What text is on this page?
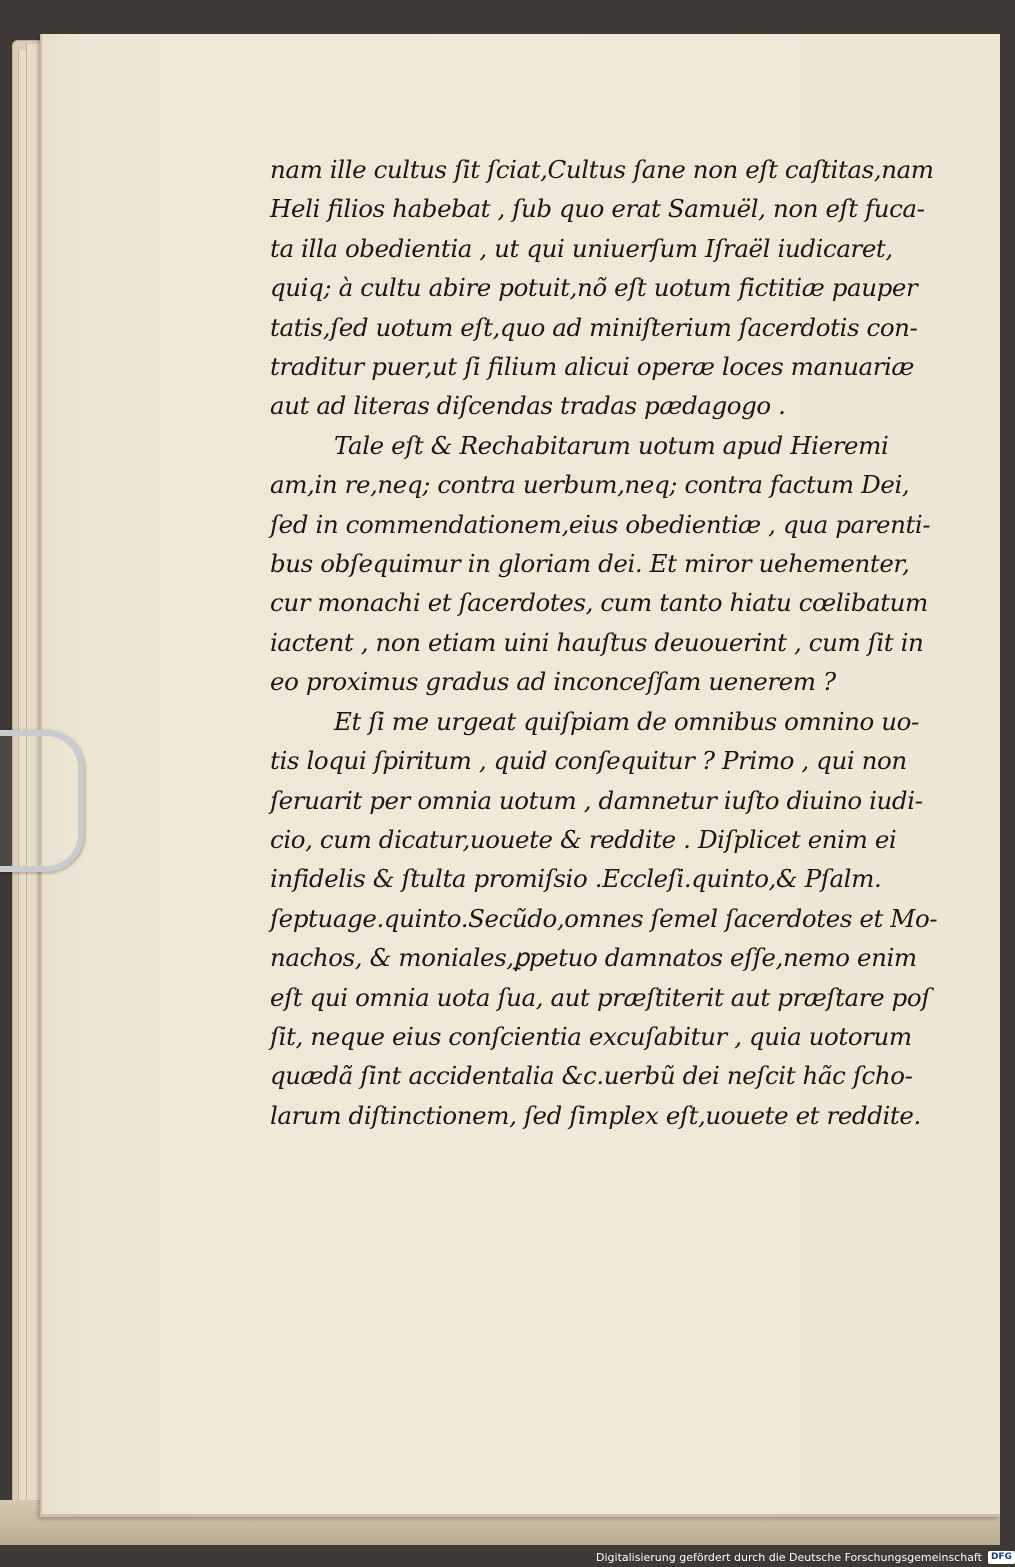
nam ille cultus ſit ſciat,Cultus ſane non eſt caſtitas,nam
Heli filios habebat , ſub quo erat Samuël, non eſt fuca-
ta illa obedientia , ut qui uniuerſum Iſraël iudicaret,
quiq; à cultu abire potuit,nõ eſt uotum fictitiæ pauper
tatis,ſed uotum eſt,quo ad miniſterium ſacerdotis con-
traditur puer,ut ſi filium alicui operæ loces manuariæ
aut ad literas diſcendas tradas pædagogo .
Tale eſt & Rechabitarum uotum apud Hieremi
am,in re,neq; contra uerbum,neq; contra factum Dei,
ſed in commendationem,eius obedientiæ , qua parenti-
bus obſequimur in gloriam dei. Et miror uehementer,
cur monachi et ſacerdotes, cum tanto hiatu cœlibatum
iactent , non etiam uini hauſtus deuouerint , cum ſit in
eo proximus gradus ad inconceſſam uenerem ?
Et ſi me urgeat quiſpiam de omnibus omnino uo-
tis loqui ſpiritum , quid conſequitur ? Primo , qui non
ſeruarit per omnia uotum , damnetur iuſto diuino iudi-
cio, cum dicatur,uouete & reddite . Diſplicet enim ei
infidelis & ſtulta promiſsio .Eccleſi.quinto,& Pſalm.
ſeptuage.quinto.Secũdo,omnes ſemel ſacerdotes et Mo-
nachos, & moniales,ꝑpetuo damnatos eſſe,nemo enim
eſt qui omnia uota ſua, aut præſtiterit aut præſtare poſ
ſit, neque eius conſcientia excuſabitur , quia uotorum
quædã ſint accidentalia &c.uerbũ dei neſcit hãc ſcho-
larum diſtinctionem, ſed ſimplex eſt,uouete et reddite.
Digitalisierung gefördert durch die Deutsche Forschungsgemeinschaft	DFG
